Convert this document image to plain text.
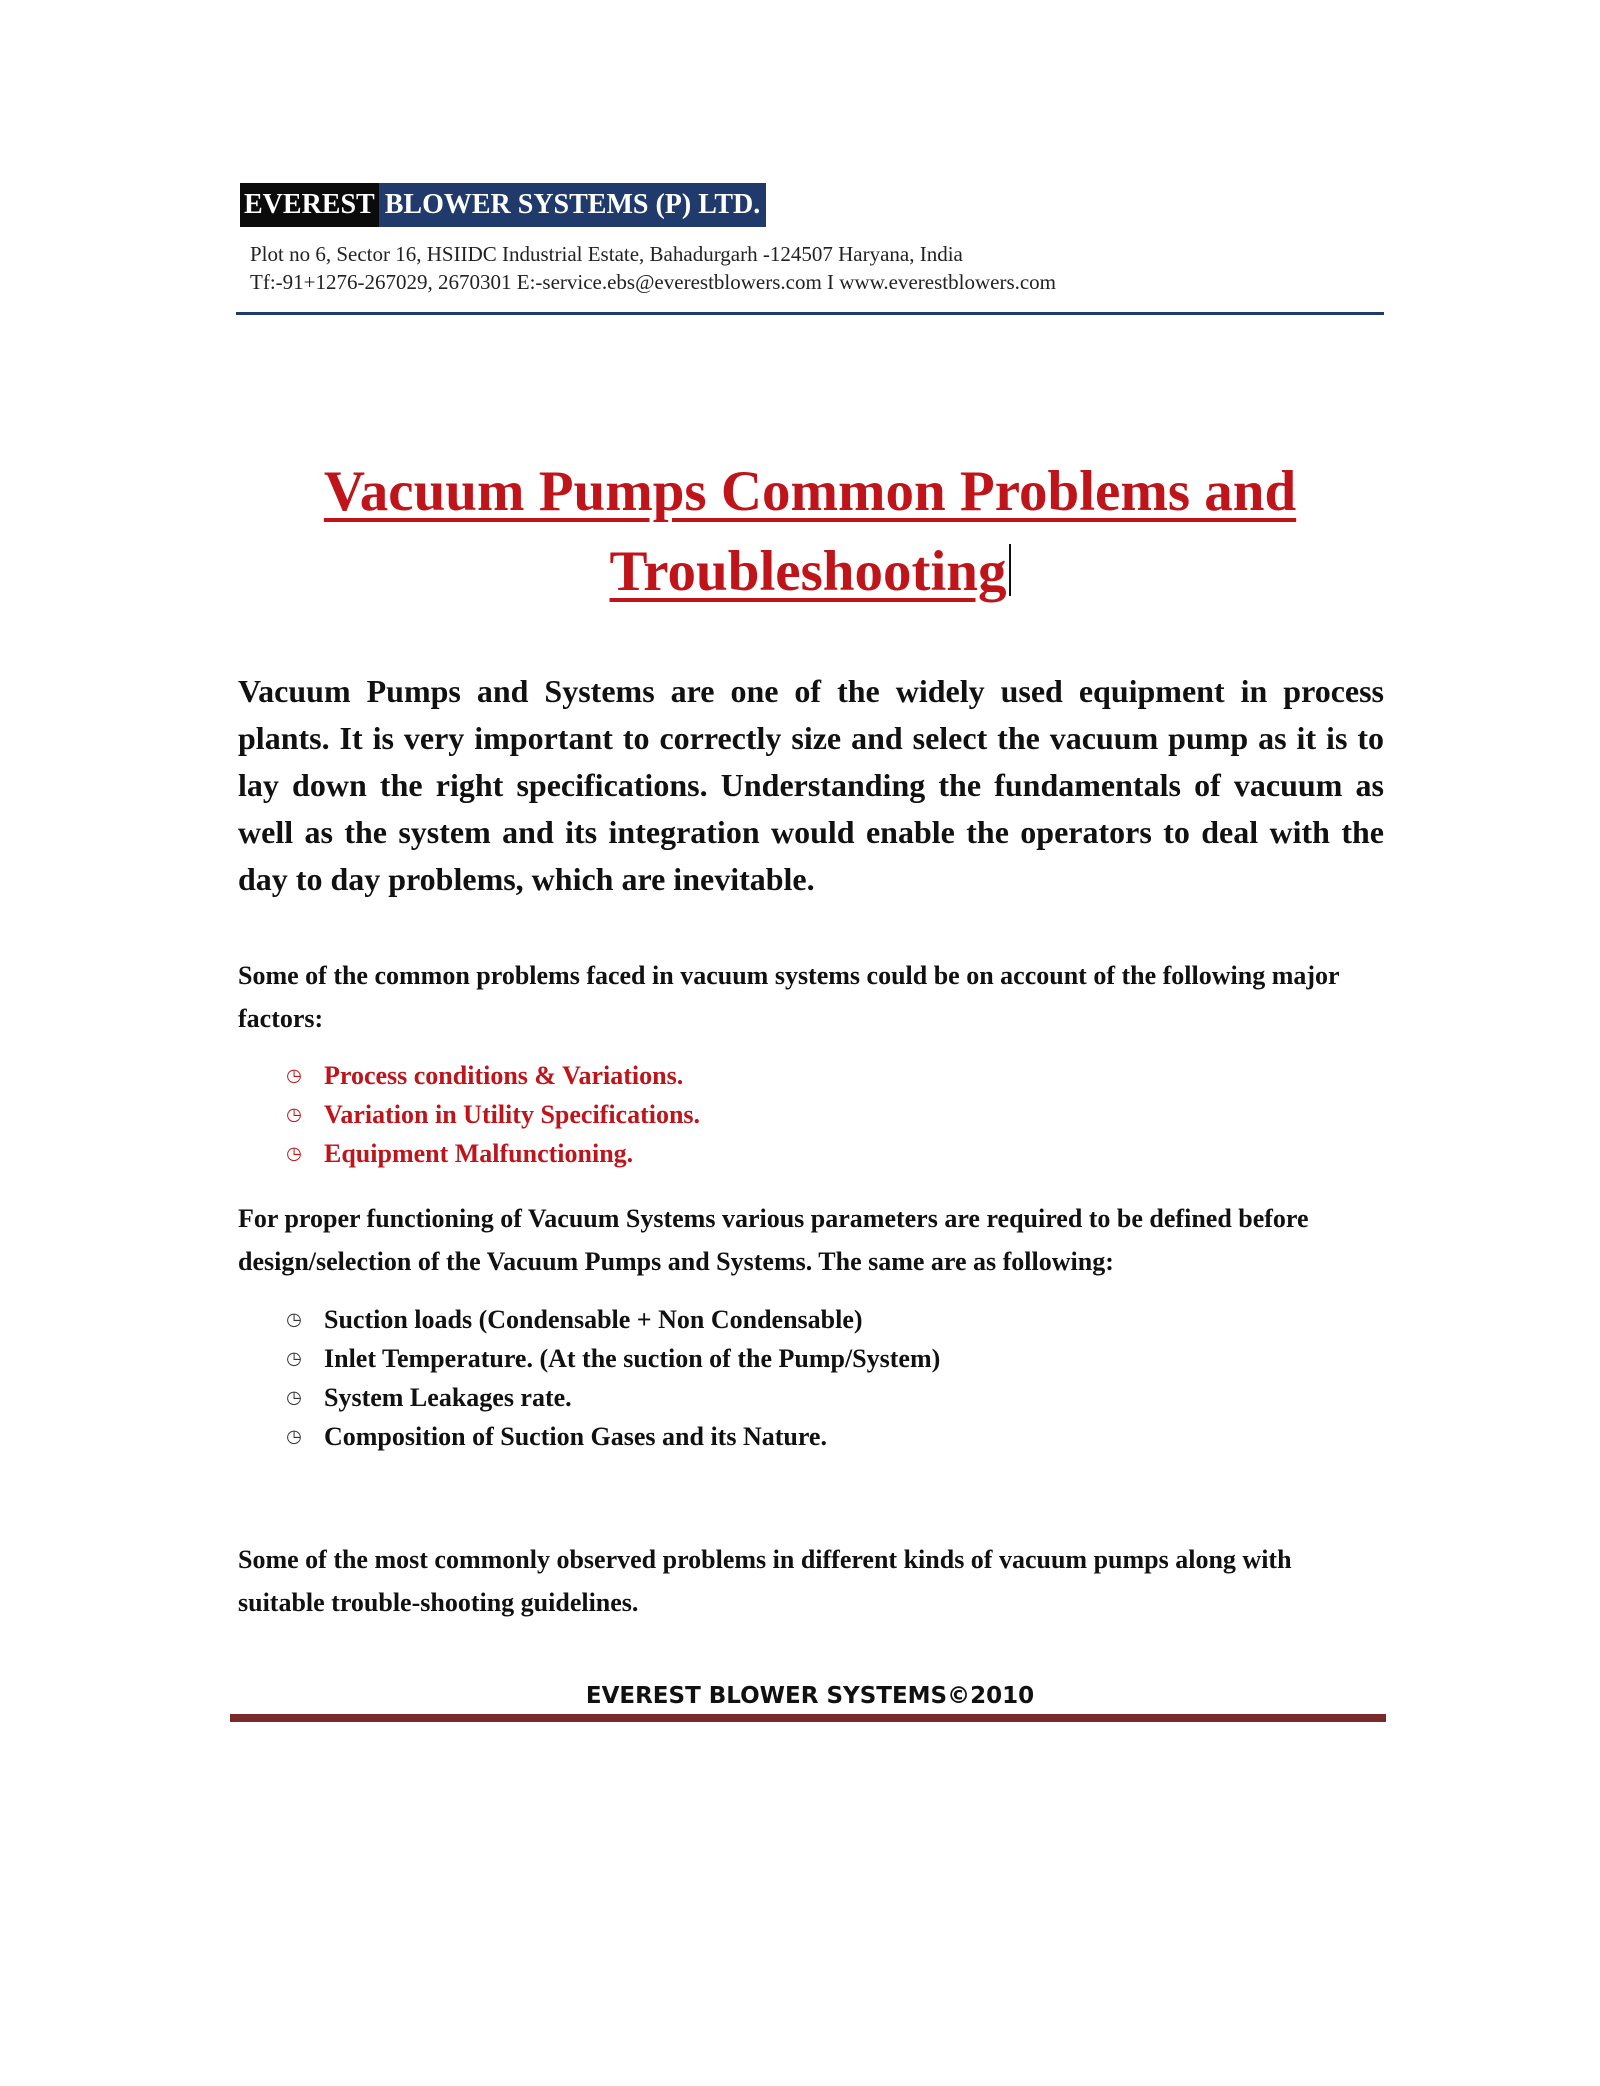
EVEREST BLOWER SYSTEMS (P) LTD.
Plot no 6, Sector 16, HSIIDC Industrial Estate, Bahadurgarh -124507 Haryana, India
Tf:-91+1276-267029, 2670301 E:-service.ebs@everestblowers.com I www.everestblowers.com
Vacuum Pumps Common Problems and
Troubleshooting
Vacuum Pumps and Systems are one of the widely used equipment in process plants. It is very important to correctly size and select the vacuum pump as it is to lay down the right specifications. Understanding the fundamentals of vacuum as well as the system and its integration would enable the operators to deal with the day to day problems, which are inevitable.
Some of the common problems faced in vacuum systems could be on account of the following major factors:
◷ Process conditions & Variations.
◷ Variation in Utility Specifications.
◷ Equipment Malfunctioning.
For proper functioning of Vacuum Systems various parameters are required to be defined before design/selection of the Vacuum Pumps and Systems. The same are as following:
◷ Suction loads (Condensable + Non Condensable)
◷ Inlet Temperature. (At the suction of the Pump/System)
◷ System Leakages rate.
◷ Composition of Suction Gases and its Nature.
Some of the most commonly observed problems in different kinds of vacuum pumps along with suitable trouble-shooting guidelines.
EVEREST BLOWER SYSTEMS©2010
